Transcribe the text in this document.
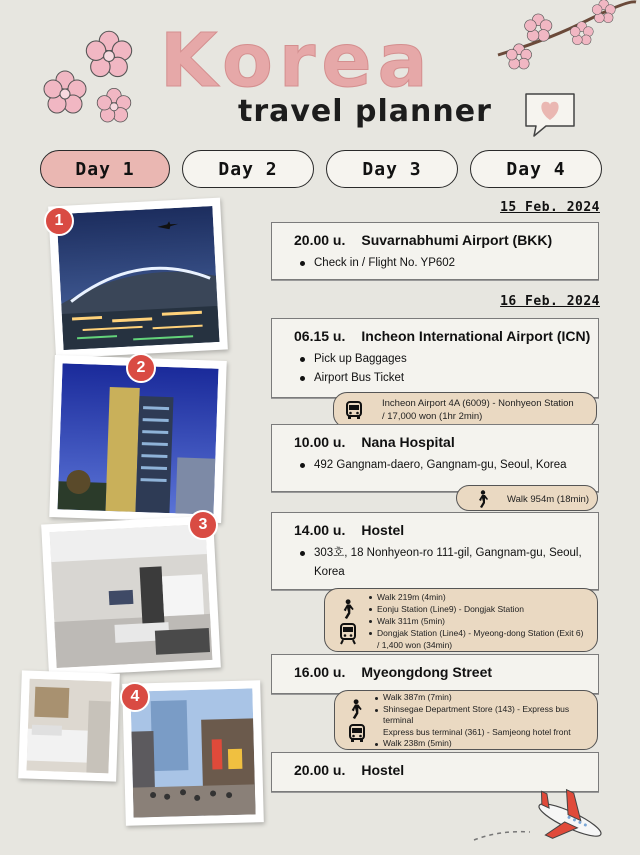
Korea
travel planner
Day 1	Day 2	Day 3	Day 4
1
2
3
4
15 Feb. 2024
20.00 u. Suvarnabhumi Airport (BKK)
Check in / Flight No. YP602
16 Feb. 2024
06.15 u. Incheon International Airport (ICN)
Pick up Baggages
Airport Bus Ticket
Incheon Airport 4A (6009) - Nonhyeon Station
/ 17,000 won (1hr 2min)
10.00 u. Nana Hospital
492 Gangnam-daero, Gangnam-gu, Seoul, Korea
Walk 954m (18min)
14.00 u. Hostel
303호, 18 Nonhyeon-ro 111-gil, Gangnam-gu, Seoul,
Korea
Walk 219m (4min)
Eonju Station (Line9) - Dongjak Station
Walk 311m (5min)
Dongjak Station (Line4) - Myeong-dong Station (Exit 6)
/ 1,400 won (34min)
16.00 u. Myeongdong Street
Walk 387m (7min)
Shinsegae Department Store (143) - Express bus terminal
Express bus terminal (361) - Samjeong hotel front
Walk 238m (5min)
20.00 u. Hostel
